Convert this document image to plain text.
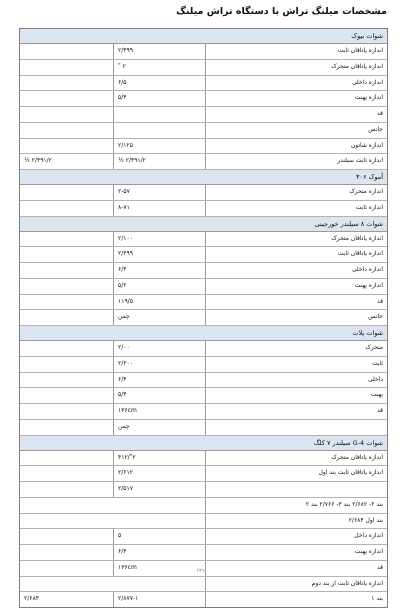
مشخصات میلنگ تراش با دستگاه تراش میلنگ
شوات بیوک
۲/۴۹۹	اندازه یاتاقان ثابت
۲ ʺ	اندازه یاتاقان متحرک
۶/۵	اندازه داخلی
۵/۴	اندازه پهنت
قد
جانس
۲/۱۲۵	اندازه شاتون
۲/۴۹۱/۲ ½	۲/۴۹۱/۲ ½	اندازه ثابت سیلندر
آموک ۳۰۶
۲-۵۷	اندازه متحرک
۸-۷۱	اندازه ثابت
شوات ۸ سیلندر خورجینی
۲/۱۰۰	اندازه یاتاقان متحرک
۲/۴۹۹	اندازه یاتاقان ثابت
۶/۴	اندازه داخلی
۵/۲	اندازه پهنت
۱۱۹/۵	قد
چمن	جانس
شوات پلات
۲/۰۰	متحرک
۲/۳۰۰	ثابت
۶/۴	داخلی
۵/۴	پهنت
۱۳۶cm	قد
چمن
شوات G-4 سیلندر ۷ کلگ
۲ʺ/۴۱۲	اندازه یاتاقان متحرک
۲/۶۱۲	اندازه یاتاقان ثابت بند اول
۲/۵۱۷
بند ۲- ۲/۶۸۲ بند ۳- ۲/۷۶۶ بند ۲
بند اول ۲/۶۸۴
۵	اندازه داخل
۶/۴	اندازه پهنت
۱۳۶cm	قد
اندازه یاتاقان ثابت از بند دوم
۲/۶۸۴	۲/۸۷۷-۱	بند ۱
۱۲۱
